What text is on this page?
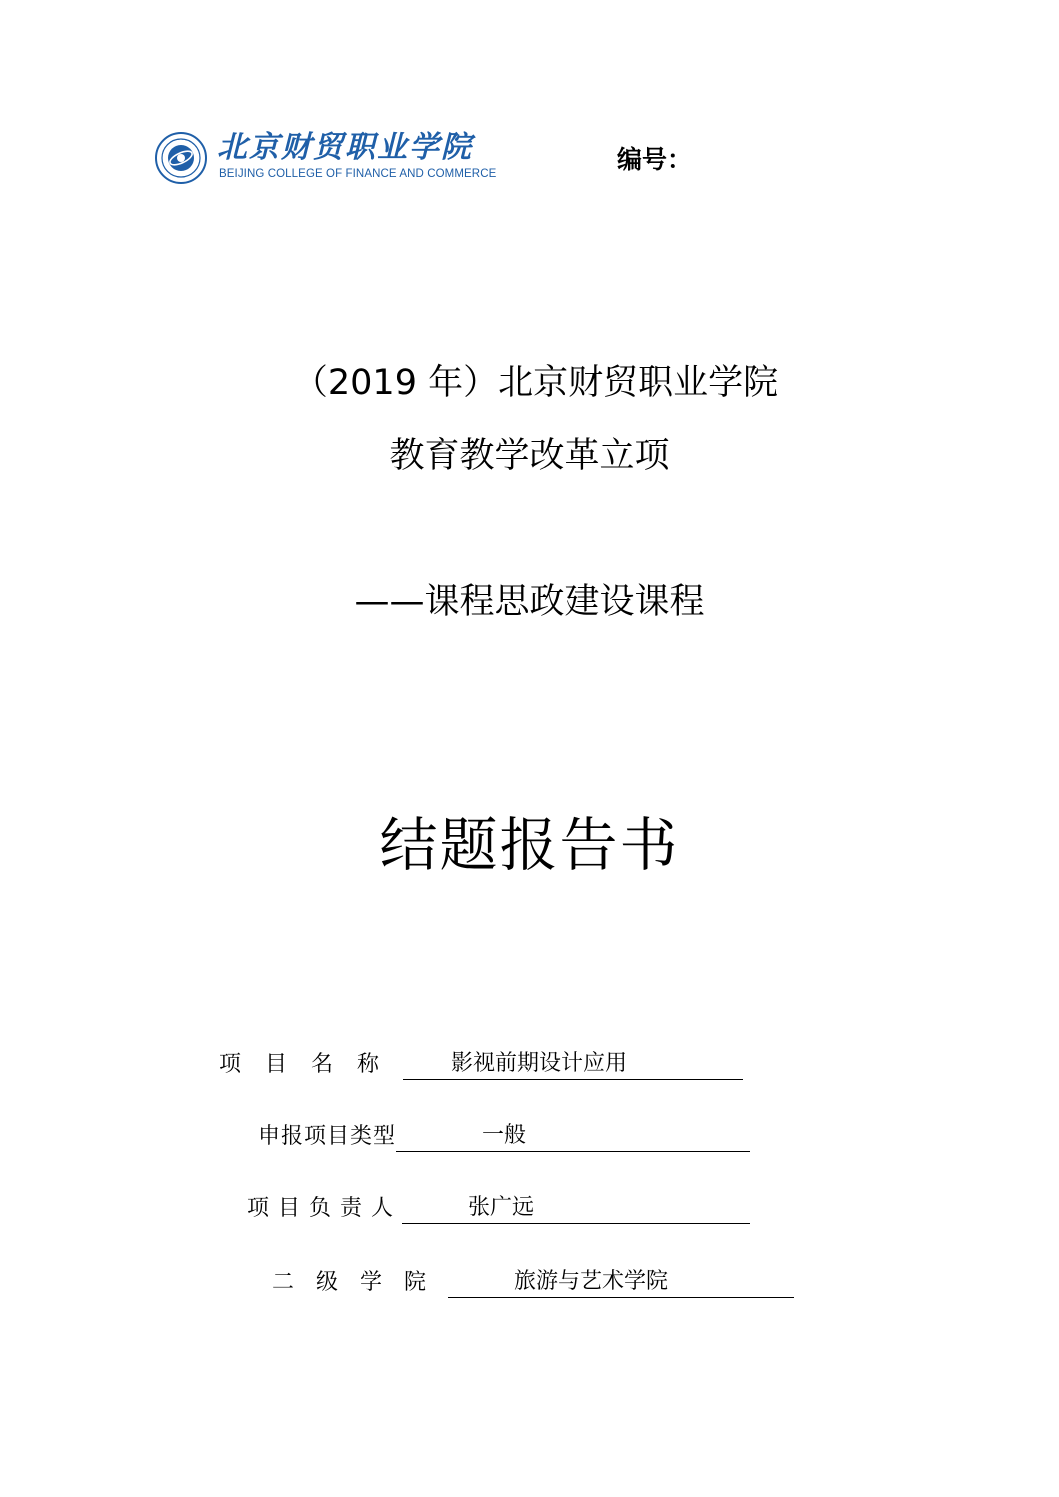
北京财贸职业学院
BEIJING COLLEGE OF FINANCE AND COMMERCE	编号：
（2019 年）北京财贸职业学院
教育教学改革立项
——课程思政建设课程
结题报告书
项目名称 影视前期设计应用
申报项目类型	一般
项目负责人	张广远
二级学院	旅游与艺术学院
